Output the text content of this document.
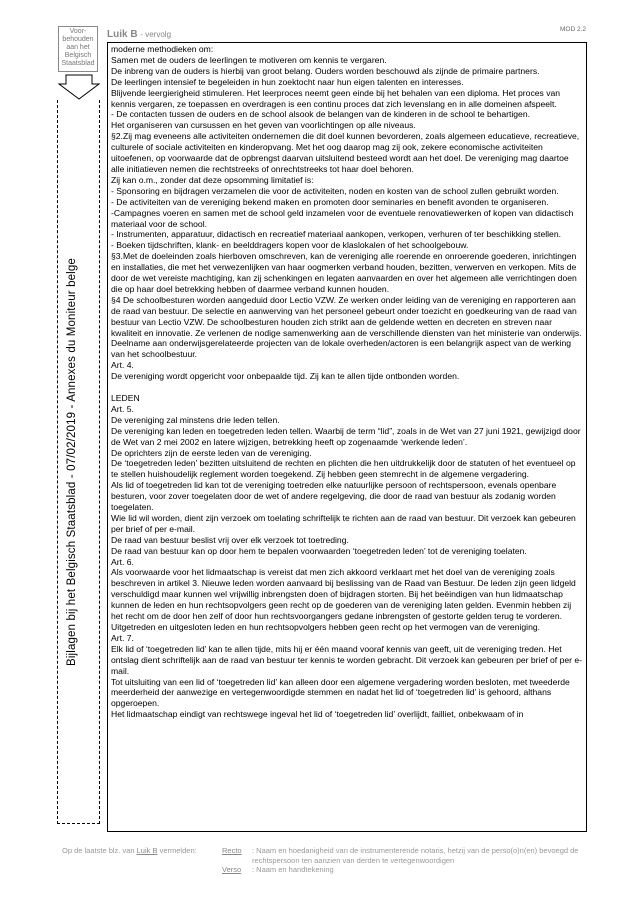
Voor-
behouden
aan het
Belgisch
Staatsblad
Bijlagen bij het Belgisch Staatsblad - 07/02/2019 - Annexes du Moniteur belge
Luik B - vervolg
MOD 2.2

moderne methodieken om:

Samen met de ouders de leerlingen te motiveren om kennis te vergaren.

De inbreng van de ouders is hierbij van groot belang. Ouders worden beschouwd als zijnde de primaire partners.

De leerlingen intensief te begeleiden in hun zoektocht naar hun eigen talenten en interesses.

Blijvende leergierigheid stimuleren. Het leerproces neemt geen einde bij het behalen van een diploma. Het proces van kennis vergaren, ze toepassen en overdragen is een continu proces dat zich levenslang en in alle domeinen afspeelt.

- De contacten tussen de ouders en de school alsook de belangen van de kinderen in de school te behartigen.

Het organiseren van cursussen en het geven van voorlichtingen op alle niveaus.

§2.Zij mag eveneens alle activiteiten ondernemen die dit doel kunnen bevorderen, zoals algemeen educatieve, recreatieve, culturele of sociale activiteiten en kinderopvang. Met het oog daarop mag zij ook, zekere economische activiteiten uitoefenen, op voorwaarde dat de opbrengst daarvan uitsluitend besteed wordt aan het doel. De vereniging mag daartoe alle initiatieven nemen die rechtstreeks of onrechtstreeks tot haar doel behoren.

Zij kan o.m., zonder dat deze opsomming limitatief is:

- Sponsoring en bijdragen verzamelen die voor de activiteiten, noden en kosten van de school zullen gebruikt worden.

- De activiteiten van de vereniging bekend maken en promoten door seminaries en benefit avonden te organiseren.

-Campagnes voeren en samen met de school geld inzamelen voor de eventuele renovatiewerken of kopen van didactisch materiaal voor de school.

- Instrumenten, apparatuur, didactisch en recreatief materiaal aankopen, verkopen, verhuren of ter beschikking stellen.

- Boeken tijdschriften, klank- en beelddragers kopen voor de klaslokalen of het schoolgebouw.

§3.Met de doeleinden zoals hierboven omschreven, kan de vereniging alle roerende en onroerende goederen, inrichtingen en installaties, die met het verwezenlijken van haar oogmerken verband houden, bezitten, verwerven en verkopen. Mits de door de wet vereiste machtiging, kan zij schenkingen en legaten aanvaarden en over het algemeen alle verrichtingen doen die op haar doel betrekking hebben of daarmee verband kunnen houden.

§4 De schoolbesturen worden aangeduid door Lectio VZW. Ze werken onder leiding van de vereniging en rapporteren aan de raad van bestuur. De selectie en aanwerving van het personeel gebeurt onder toezicht en goedkeuring van de raad van bestuur van Lectio VZW. De schoolbesturen houden zich strikt aan de geldende wetten en decreten en streven naar kwaliteit en innovatie. Ze verlenen de nodige samenwerking aan de verschillende diensten van het ministerie van onderwijs. Deelname aan onderwijsgerelateerde projecten van de lokale overheden/actoren is een belangrijk aspect van de werking van het schoolbestuur.

Art. 4.

De vereniging wordt opgericht voor onbepaalde tijd. Zij kan te allen tijde ontbonden worden.

LEDEN

Art. 5.

De vereniging zal minstens drie leden tellen.

De vereniging kan leden en toegetreden leden tellen. Waarbij de term “lid”, zoals in de Wet van 27 juni 1921, gewijzigd door de Wet van 2 mei 2002 en latere wijzigen, betrekking heeft op zogenaamde ‘werkende leden’.

De oprichters zijn de eerste leden van de vereniging.

De ‘toegetreden leden’ bezitten uitsluitend de rechten en plichten die hen uitdrukkelijk door de statuten of het eventueel op te stellen huishoudelijk reglement worden toegekend. Zij hebben geen stemrecht in de algemene vergadering.

Als lid of toegetreden lid kan tot de vereniging toetreden elke natuurlijke persoon of rechtspersoon, evenals openbare besturen, voor zover toegelaten door de wet of andere regelgeving, die door de raad van bestuur als zodanig worden toegelaten.

Wie lid wil worden, dient zijn verzoek om toelating schriftelijk te richten aan de raad van bestuur. Dit verzoek kan gebeuren per brief of per e-mail.

De raad van bestuur beslist vrij over elk verzoek tot toetreding.

De raad van bestuur kan op door hem te bepalen voorwaarden ‘toegetreden leden’ tot de vereniging toelaten.

Art. 6.

Als voorwaarde voor het lidmaatschap is vereist dat men zich akkoord verklaart met het doel van de vereniging zoals beschreven in artikel 3. Nieuwe leden worden aanvaard bij beslissing van de Raad van Bestuur. De leden zijn geen lidgeld verschuldigd maar kunnen wel vrijwillig inbrengsten doen of bijdragen storten. Bij het beëindigen van hun lidmaatschap kunnen de leden en hun rechtsopvolgers geen recht op de goederen van de vereniging laten gelden. Evenmin hebben zij het recht om de door hen zelf of door hun rechtsvoorgangers gedane inbrengsten of gestorte gelden terug te vorderen. Uitgetreden en uitgesloten leden en hun rechtsopvolgers hebben geen recht op het vermogen van de vereniging.

Art. 7.

Elk lid of ‘toegetreden lid’ kan te allen tijde, mits hij er één maand vooraf kennis van geeft, uit de vereniging treden. Het ontslag dient schriftelijk aan de raad van bestuur ter kennis te worden gebracht. Dit verzoek kan gebeuren per brief of per e-mail.

Tot uitsluiting van een lid of ‘toegetreden lid’ kan alleen door een algemene vergadering worden besloten, met tweederde meerderheid der aanwezige en vertegenwoordigde stemmen en nadat het lid of ‘toegetreden lid’ is gehoord, althans opgeroepen.

Het lidmaatschap eindigt van rechtswege ingeval het lid of ‘toegetreden lid’ overlijdt, failliet, onbekwaam of in

Op de laatste blz. van Luik B vermelden:	Recto	: Naam en hoedanigheid van de instrumenterende notaris, hetzij van de perso(o)n(en) bevoegd de rechtspersoon ten aanzien van derden te vertegenwoordigen
Verso	: Naam en handtekening
